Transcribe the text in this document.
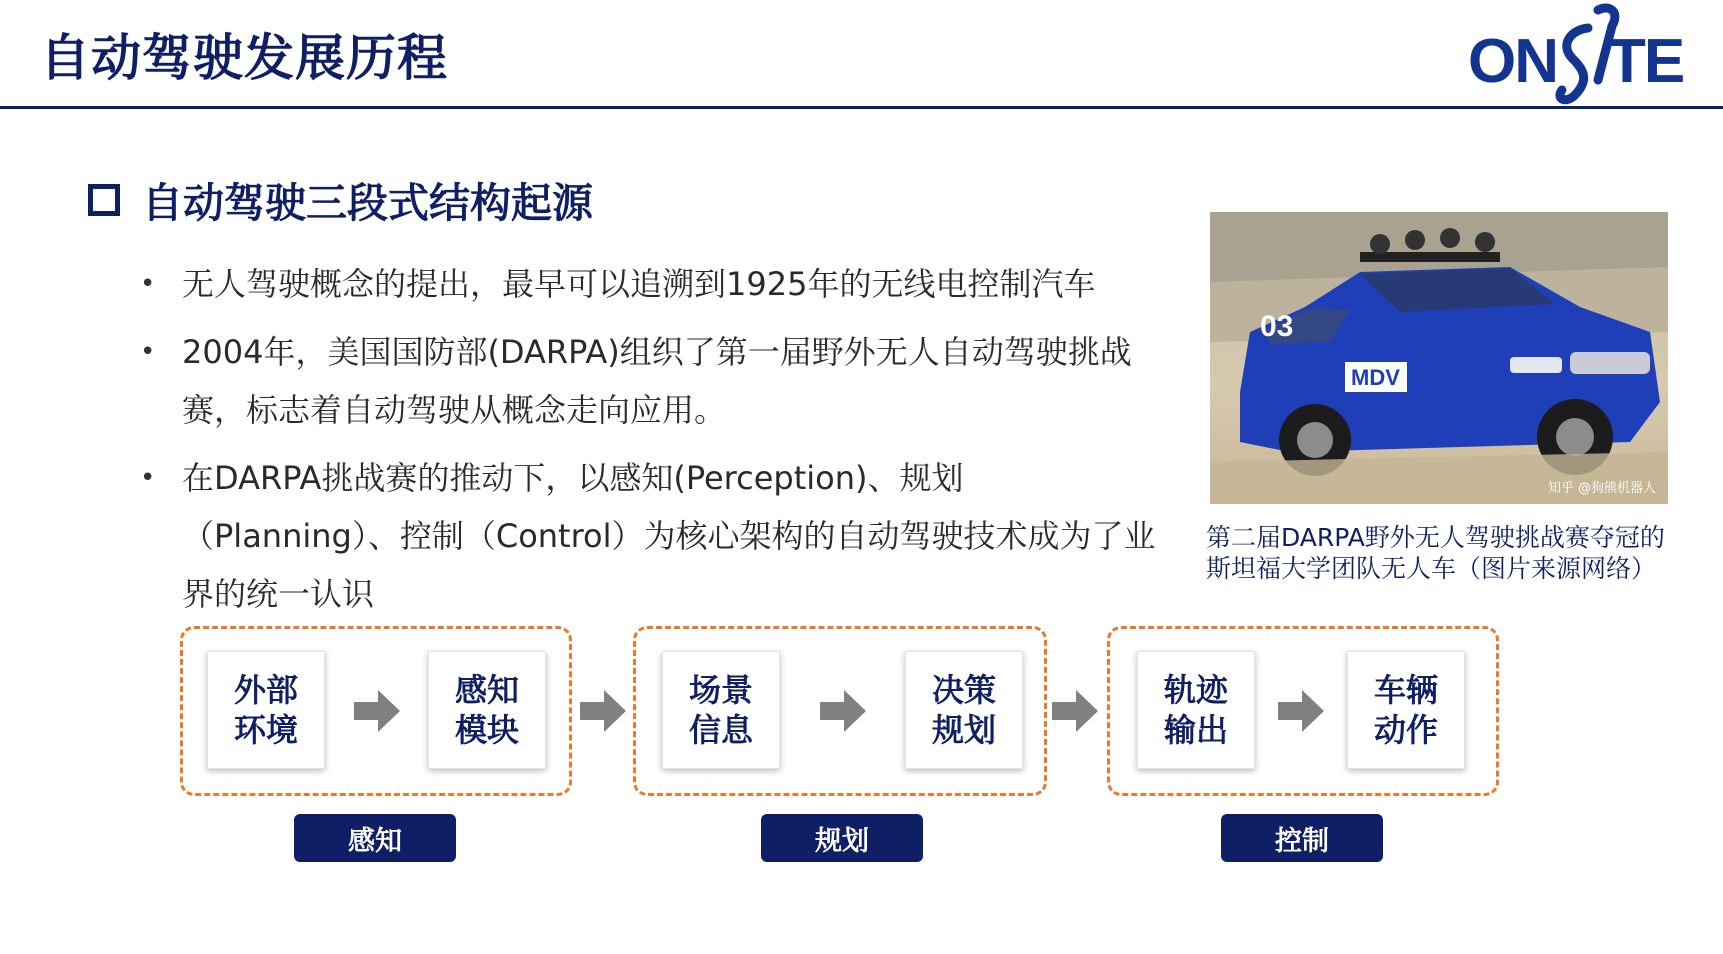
自动驾驶发展历程	ON TE
自动驾驶三段式结构起源
• 无人驾驶概念的提出，最早可以追溯到1925年的无线电控制汽车
• 2004年，美国国防部(DARPA)组织了第一届野外无人自动驾驶挑战赛，标志着自动驾驶从概念走向应用。
• 在DARPA挑战赛的推动下，以感知(Perception)、规划（Planning）、控制（Control）为核心架构的自动驾驶技术成为了业界的统一认识
MDV
03
知乎 @狗熊机器人
第二届DARPA野外无人驾驶挑战赛夺冠的斯坦福大学团队无人车（图片来源网络）
外部环境
感知模块
场景信息
决策规划
轨迹输出
车辆动作
感知	规划	控制
